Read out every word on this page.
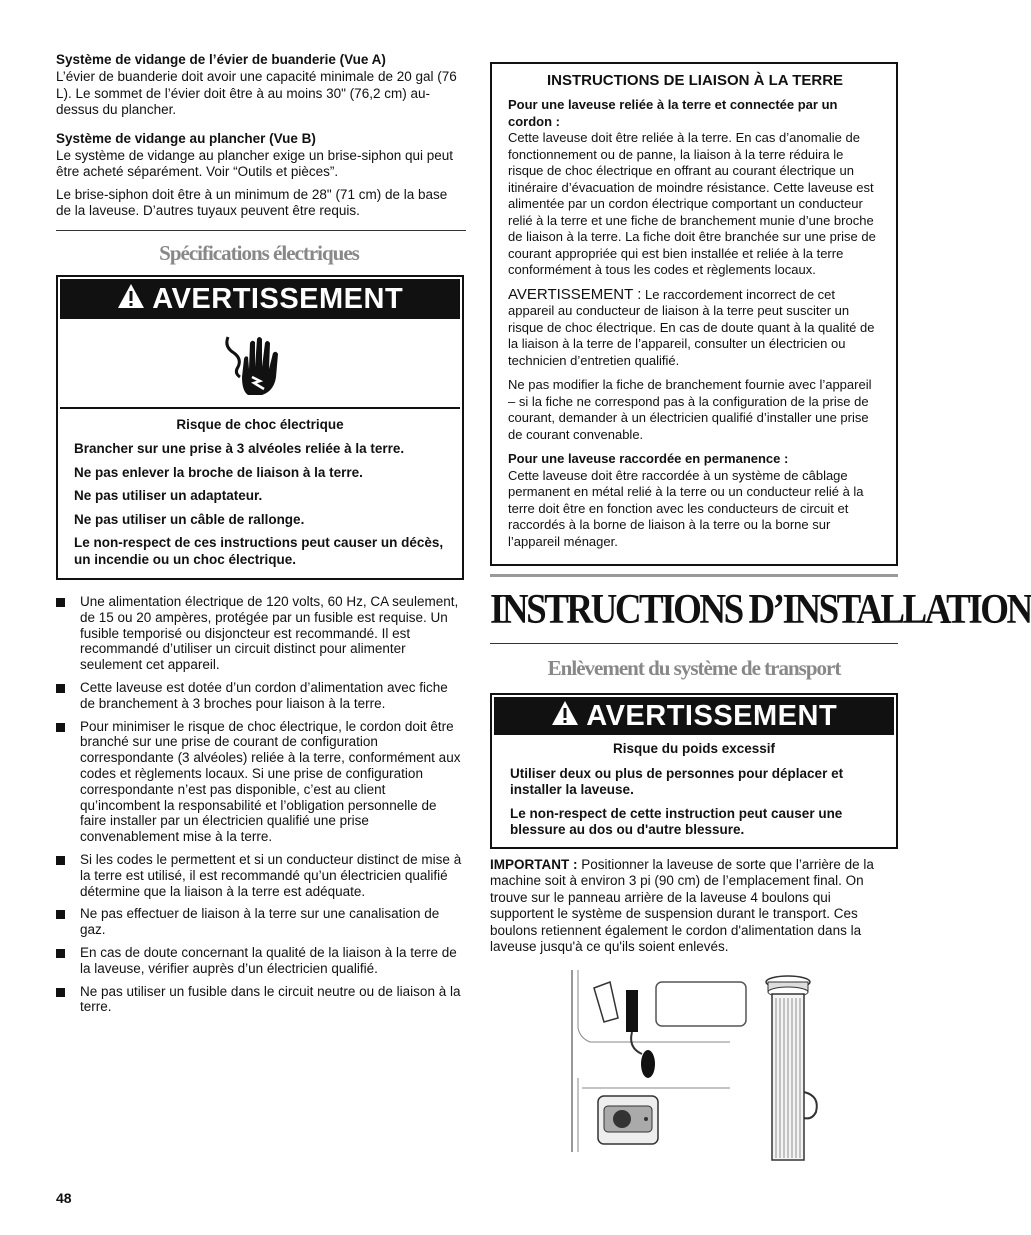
Système de vidange de l’évier de buanderie (Vue A)

L’évier de buanderie doit avoir une capacité minimale de 20 gal (76 L). Le sommet de l’évier doit être à au moins 30" (76,2 cm) au-dessus du plancher.

Système de vidange au plancher (Vue B)

Le système de vidange au plancher exige un brise-siphon qui peut être acheté séparément. Voir “Outils et pièces”.

Le brise-siphon doit être à un minimum de 28" (71 cm) de la base de la laveuse. D’autres tuyaux peuvent être requis.

Spécifications électriques
AVERTISSEMENT

Risque de choc électrique

Brancher sur une prise à 3 alvéoles reliée à la terre.

Ne pas enlever la broche de liaison à la terre.

Ne pas utiliser un adaptateur.

Ne pas utiliser un câble de rallonge.

Le non-respect de ces instructions peut causer un décès, un incendie ou un choc électrique.

Une alimentation électrique de 120 volts, 60 Hz, CA seulement, de 15 ou 20 ampères, protégée par un fusible est requise. Un fusible temporisé ou disjoncteur est recommandé. Il est recommandé d’utiliser un circuit distinct pour alimenter seulement cet appareil.
Cette laveuse est dotée d’un cordon d’alimentation avec fiche de branchement à 3 broches pour liaison à la terre.
Pour minimiser le risque de choc électrique, le cordon doit être branché sur une prise de courant de configuration correspondante (3 alvéoles) reliée à la terre, conformément aux codes et règlements locaux. Si une prise de configuration correspondante n’est pas disponible, c’est au client qu’incombent la responsabilité et l’obligation personnelle de faire installer par un électricien qualifié une prise convenablement mise à la terre.
Si les codes le permettent et si un conducteur distinct de mise à la terre est utilisé, il est recommandé qu’un électricien qualifié détermine que la liaison à la terre est adéquate.
Ne pas effectuer de liaison à la terre sur une canalisation de gaz.
En cas de doute concernant la qualité de la liaison à la terre de la laveuse, vérifier auprès d’un électricien qualifié.
Ne pas utiliser un fusible dans le circuit neutre ou de liaison à la terre.
INSTRUCTIONS DE LIAISON À LA TERRE

Pour une laveuse reliée à la terre et connectée par un cordon :

Cette laveuse doit être reliée à la terre. En cas d’anomalie de fonctionnement ou de panne, la liaison à la terre réduira le risque de choc électrique en offrant au courant électrique un itinéraire d’évacuation de moindre résistance. Cette laveuse est alimentée par un cordon électrique comportant un conducteur relié à la terre et une fiche de branchement munie d’une broche de liaison à la terre. La fiche doit être branchée sur une prise de courant appropriée qui est bien installée et reliée à la terre conformément à tous les codes et règlements locaux.

AVERTISSEMENT : Le raccordement incorrect de cet appareil au conducteur de liaison à la terre peut susciter un risque de choc électrique. En cas de doute quant à la qualité de la liaison à la terre de l’appareil, consulter un électricien ou technicien d’entretien qualifié.

Ne pas modifier la fiche de branchement fournie avec l’appareil – si la fiche ne correspond pas à la configuration de la prise de courant, demander à un électricien qualifié d’installer une prise de courant convenable.

Pour une laveuse raccordée en permanence :

Cette laveuse doit être raccordée à un système de câblage permanent en métal relié à la terre ou un conducteur relié à la terre doit être en fonction avec les conducteurs de circuit et raccordés à la borne de liaison à la terre ou la borne sur l’appareil ménager.

INSTRUCTIONS D’INSTALLATION
Enlèvement du système de transport
AVERTISSEMENT

Risque du poids excessif

Utiliser deux ou plus de personnes pour déplacer et installer la laveuse.

Le non-respect de cette instruction peut causer une blessure au dos ou d'autre blessure.

IMPORTANT : Positionner la laveuse de sorte que l’arrière de la machine soit à environ 3 pi (90 cm) de l’emplacement final. On trouve sur le panneau arrière de la laveuse 4 boulons qui supportent le système de suspension durant le transport. Ces boulons retiennent également le cordon d'alimentation dans la laveuse jusqu'à ce qu'ils soient enlevés.

48
